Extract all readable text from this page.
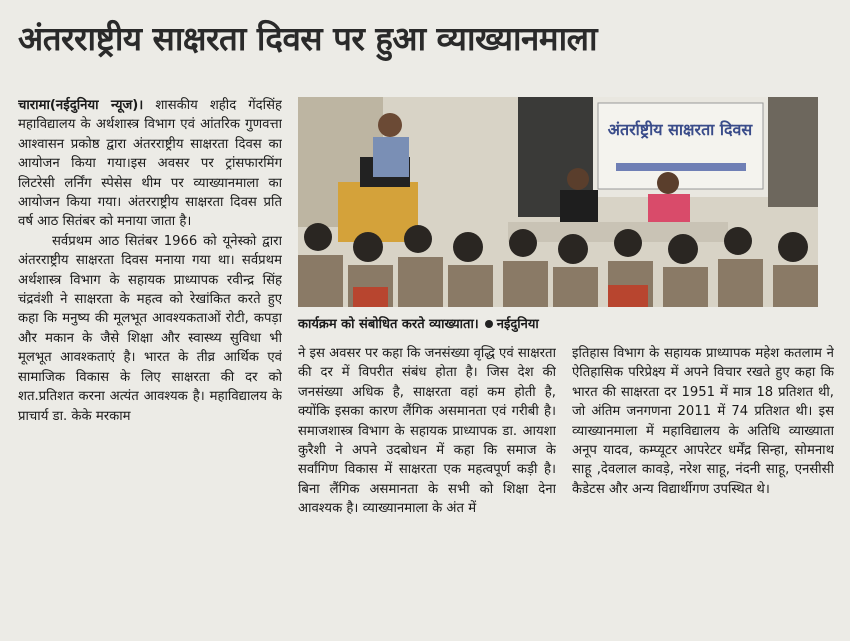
अंतरराष्ट्रीय साक्षरता दिवस पर हुआ व्याख्यानमाला

चारामा(नईदुनिया न्यूज)। शासकीय शहीद गेंदसिंह महाविद्यालय के अर्थशास्त्र विभाग एवं आंतरिक गुणवत्ता आश्वासन प्रकोष्ठ द्वारा अंतरराष्ट्रीय साक्षरता दिवस का आयोजन किया गया।इस अवसर पर ट्रांसफारमिंग लिटरेसी लर्निंग स्पेसेस थीम पर व्याख्यानमाला का आयोजन किया गया। अंतरराष्ट्रीय साक्षरता दिवस प्रति वर्ष आठ सितंबर को मनाया जाता है।

सर्वप्रथम आठ सितंबर 1966 को यूनेस्को द्वारा अंतरराष्ट्रीय साक्षरता दिवस मनाया गया था। सर्वप्रथम अर्थशास्त्र विभाग के सहायक प्राध्यापक रवीन्द्र सिंह चंद्रवंशी ने साक्षरता के महत्व को रेखांकित करते हुए कहा कि मनुष्य की मूलभूत आवश्यकताओं रोटी, कपड़ा और मकान के जैसे शिक्षा और स्वास्थ्य सुविधा भी मूलभूत आवश्कताएं है। भारत के तीव्र आर्थिक एवं सामाजिक विकास के लिए साक्षरता की दर को शत.प्रतिशत करना अत्यंत आवश्यक है। महाविद्यालय के प्राचार्य डा. केके मरकाम

अंतर्राष्ट्रीय साक्षरता दिवस
कार्यक्रम को संबोधित करते व्याख्याता। नईदुनिया

ने इस अवसर पर कहा कि जनसंख्या वृद्धि एवं साक्षरता की दर में विपरीत संबंध होता है। जिस देश की जनसंख्या अधिक है, साक्षरता वहां कम होती है, क्योंकि इसका कारण लैंगिक असमानता एवं गरीबी है। समाजशास्त्र विभाग के सहायक प्राध्यापक डा. आयशा कुरैशी ने अपने उदबोधन में कहा कि समाज के सर्वांगिण विकास में साक्षरता एक महत्वपूर्ण कड़ी है। बिना लैंगिक असमानता के सभी को शिक्षा देना आवश्यक है। व्याख्यानमाला के अंत में

इतिहास विभाग के सहायक प्राध्यापक महेश कतलाम ने ऐतिहासिक परिप्रेक्ष्य में अपने विचार रखते हुए कहा कि भारत की साक्षरता दर 1951 में मात्र 18 प्रतिशत थी, जो अंतिम जनगणना 2011 में 74 प्रतिशत थी। इस व्याख्यानमाला में महाविद्यालय के अतिथि व्याख्याता अनूप यादव, कम्प्यूटर आपरेटर धर्मेंद्र सिन्हा, सोमनाथ साहू ,देवलाल कावड़े, नरेश साहू, नंदनी साहू, एनसीसी कैडेटस और अन्य विद्यार्थीगण उपस्थित थे।
